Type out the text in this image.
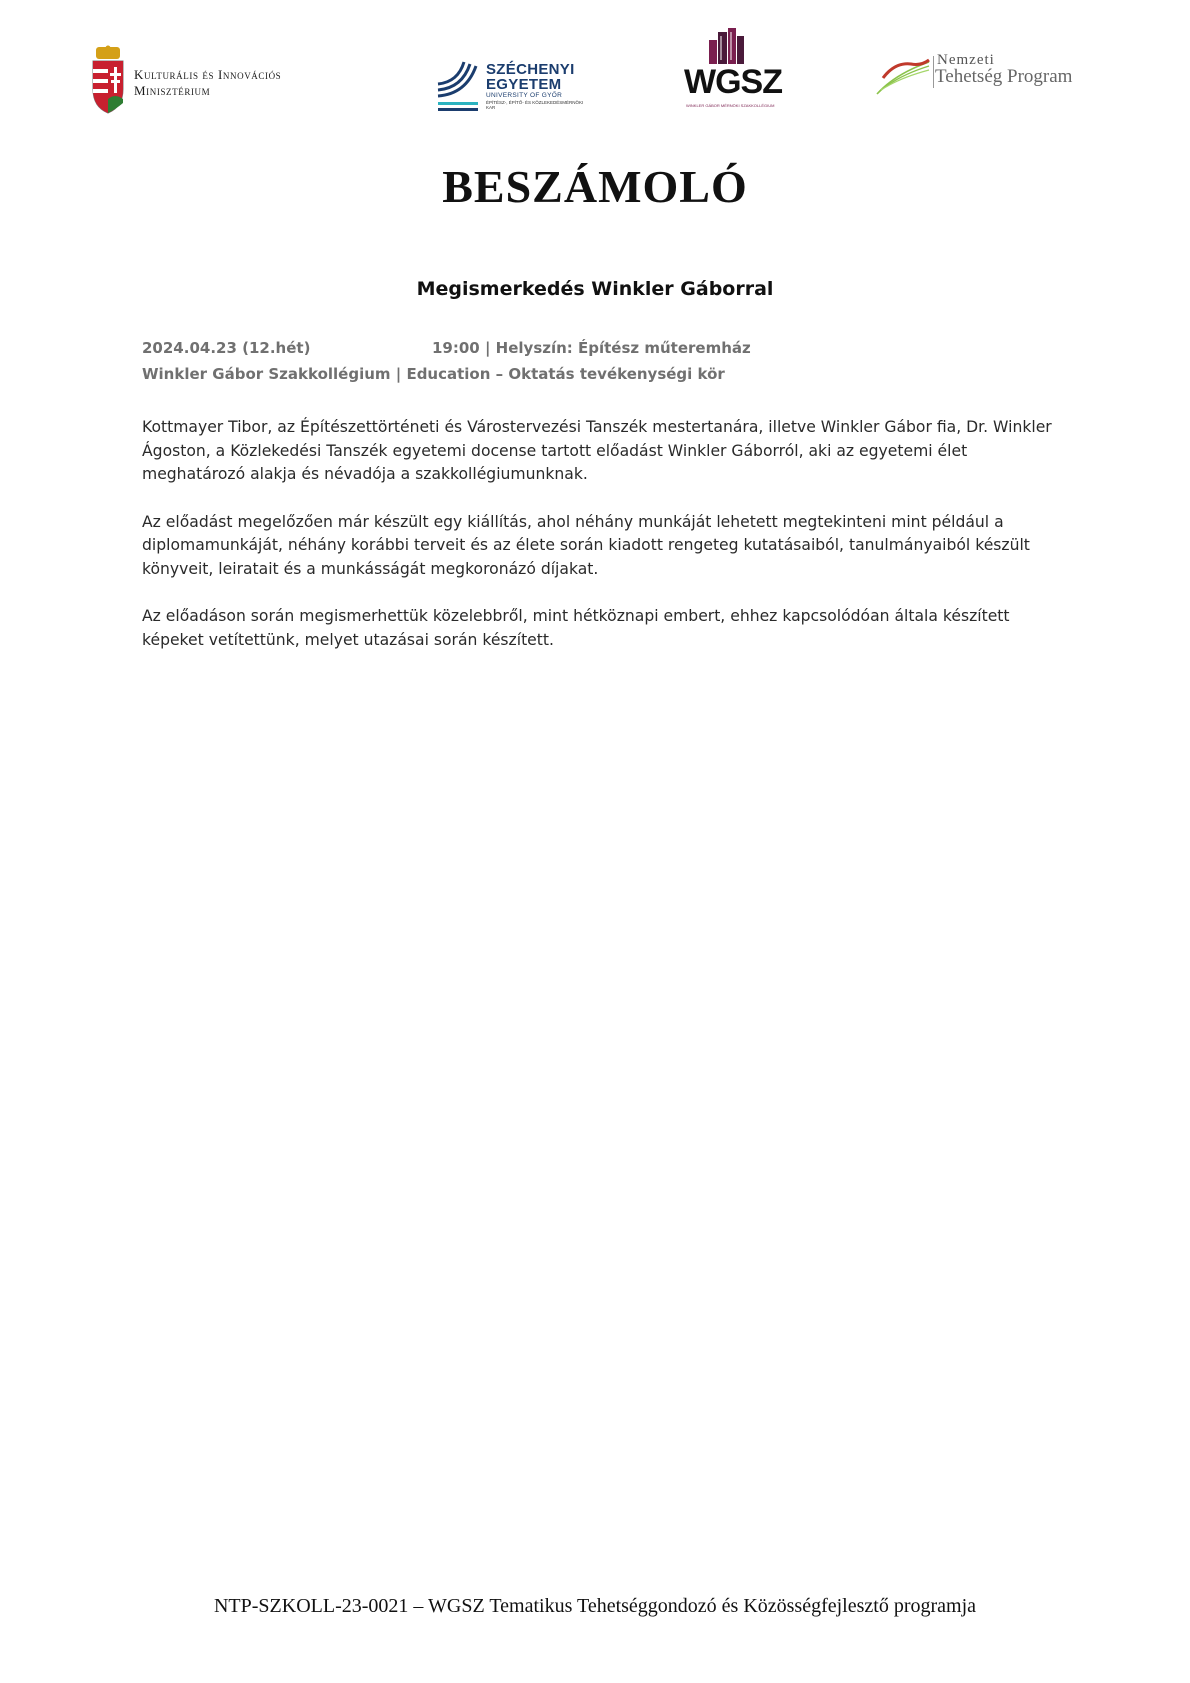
Kulturális és Innovációs
Minisztérium
SZÉCHENYI
EGYETEM
UNIVERSITY OF GYŐR
ÉPÍTÉSZ-, ÉPÍTŐ- ÉS KÖZLEKEDÉSMÉRNÖKI KAR
WGSZ
WINKLER GÁBOR MÉRNÖKI SZAKKOLLÉGIUM
Nemzeti
Tehetség Program
BESZÁMOLÓ
Megismerkedés Winkler Gáborral
2024.04.23 (12.hét)	19:00 | Helyszín: Építész műteremház
Winkler Gábor Szakkollégium | Education – Oktatás tevékenységi kör

Kottmayer Tibor, az Építészettörténeti és Várostervezési Tanszék mestertanára, illetve Winkler Gábor fia, Dr. Winkler Ágoston, a Közlekedési Tanszék egyetemi docense tartott előadást Winkler Gáborról, aki az egyetemi élet meghatározó alakja és névadója a szakkollégiumunknak.

Az előadást megelőzően már készült egy kiállítás, ahol néhány munkáját lehetett megtekinteni mint például a diplomamunkáját, néhány korábbi terveit és az élete során kiadott rengeteg kutatásaiból, tanulmányaiból készült könyveit, leiratait és a munkásságát megkoronázó díjakat.

Az előadáson során megismerhettük közelebbről, mint hétköznapi embert, ehhez kapcsolódóan általa készített képeket vetítettünk, melyet utazásai során készített.

NTP-SZKOLL-23-0021 – WGSZ Tematikus Tehetséggondozó és Közösségfejlesztő programja
